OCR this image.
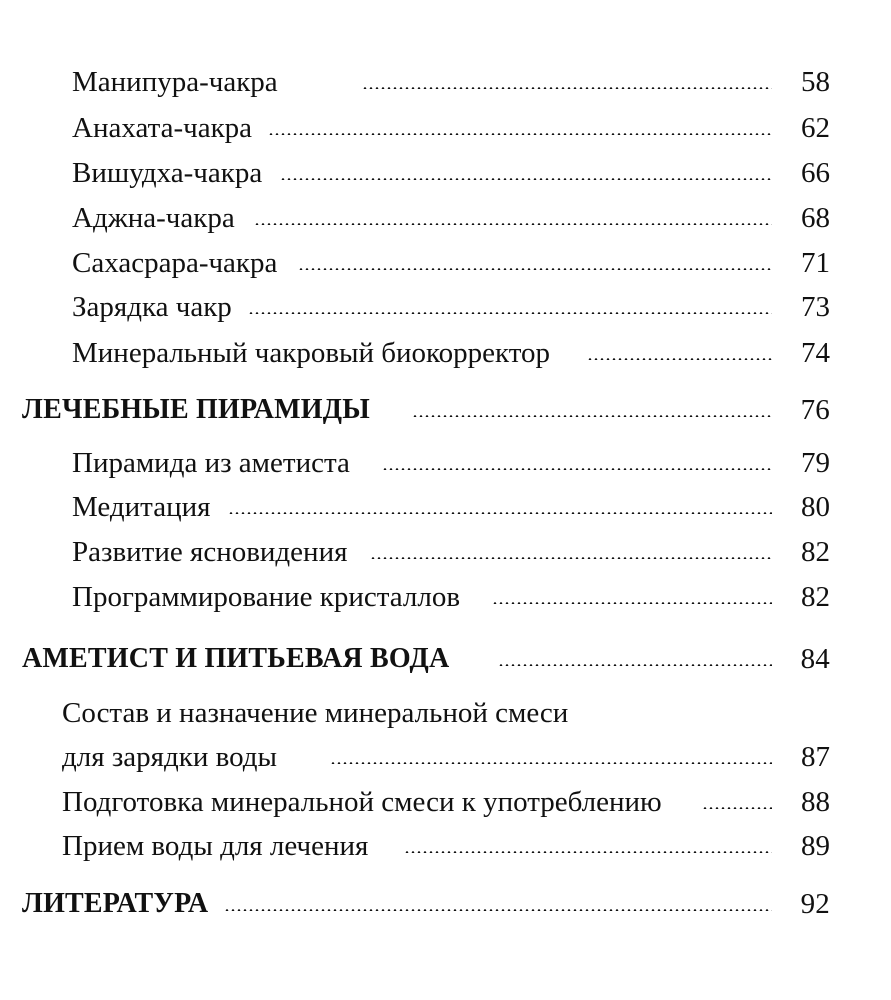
Манипура-чакра	58
Анахата-чакра	62
Вишудха-чакра	66
Аджна-чакра	68
Сахасрара-чакра	71
Зарядка чакр	73
Минеральный чакровый биокорректор	74
ЛЕЧЕБНЫЕ ПИРАМИДЫ	76
Пирамида из аметиста	79
Медитация	80
Развитие ясновидения	82
Программирование кристаллов	82
АМЕТИСТ И ПИТЬЕВАЯ ВОДА	84
Состав и назначение минеральной смеси
для зарядки воды	87
Подготовка минеральной смеси к употреблению	88
Прием воды для лечения	89
ЛИТЕРАТУРА	92
